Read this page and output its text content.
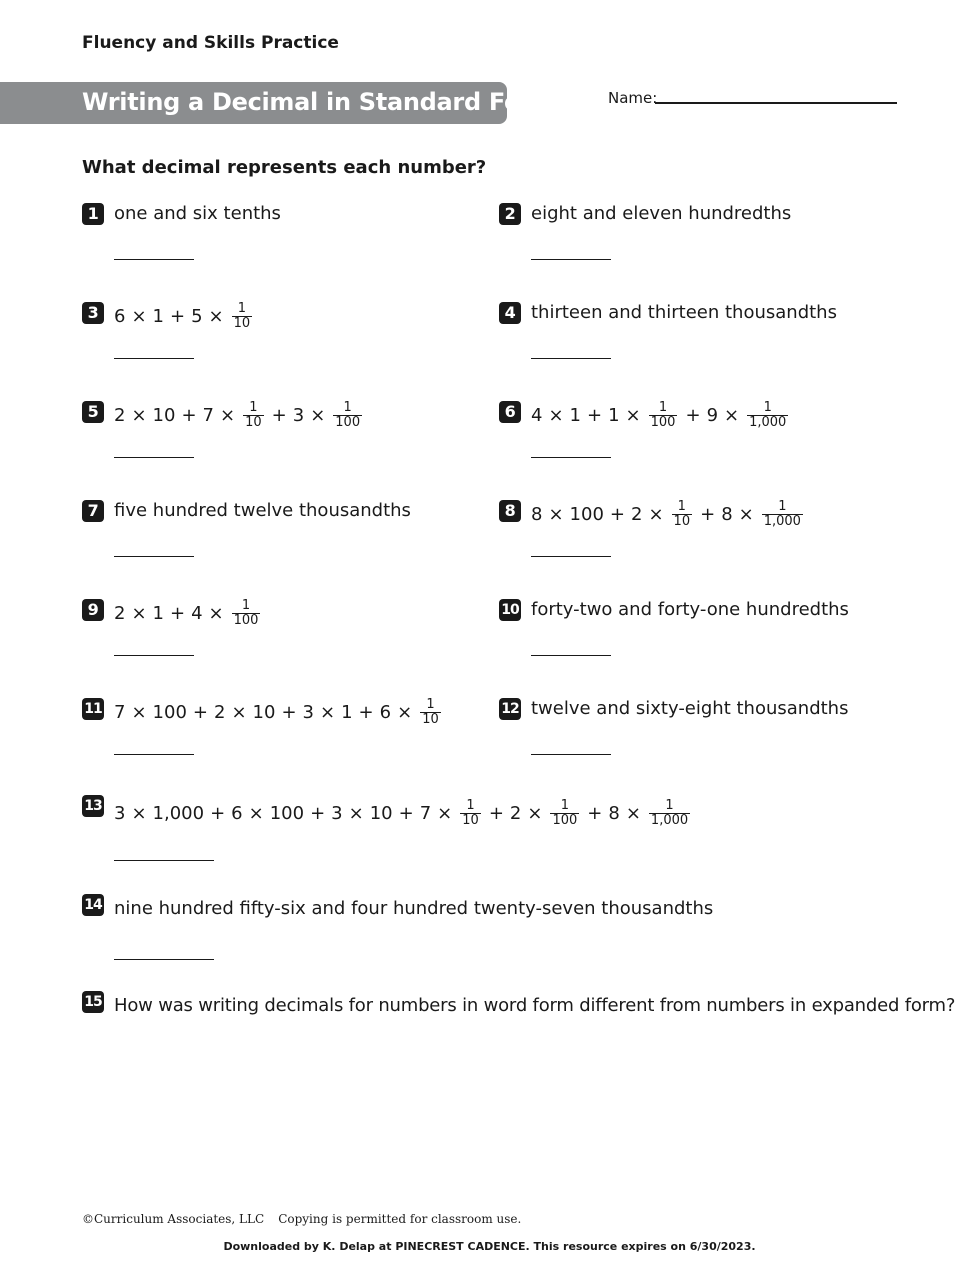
Fluency and Skills Practice
Writing a Decimal in Standard Form	Name:
What decimal represents each number?
1 one and six tenths	2 eight and eleven hundredths
3 $6 \times 1 + 5 \times \frac{1}{10}$	4 thirteen and thirteen thousandths
5 $2 \times 10 + 7 \times \frac{1}{10} + 3 \times \frac{1}{100}$	6 $4 \times 1 + 1 \times \frac{1}{100} + 9 \times \frac{1}{1,000}$
7 five hundred twelve thousandths	8 $8 \times 100 + 2 \times \frac{1}{10} + 8 \times \frac{1}{1,000}$
9 $2 \times 1 + 4 \times \frac{1}{100}$	10 forty-two and forty-one hundredths
11 $7 \times 100 + 2 \times 10 + 3 \times 1 + 6 \times \frac{1}{10}$	12 twelve and sixty-eight thousandths
13 $3 \times 1,000 + 6 \times 100 + 3 \times 10 + 7 \times \frac{1}{10} + 2 \times \frac{1}{100} + 8 \times \frac{1}{1,000}$
14 nine hundred fifty-six and four hundred twenty-seven thousandths
15 How was writing decimals for numbers in word form different from numbers in expanded form?
©Curriculum Associates, LLC Copying is permitted for classroom use.
Downloaded by K. Delap at PINECREST CADENCE. This resource expires on 6/30/2023.
